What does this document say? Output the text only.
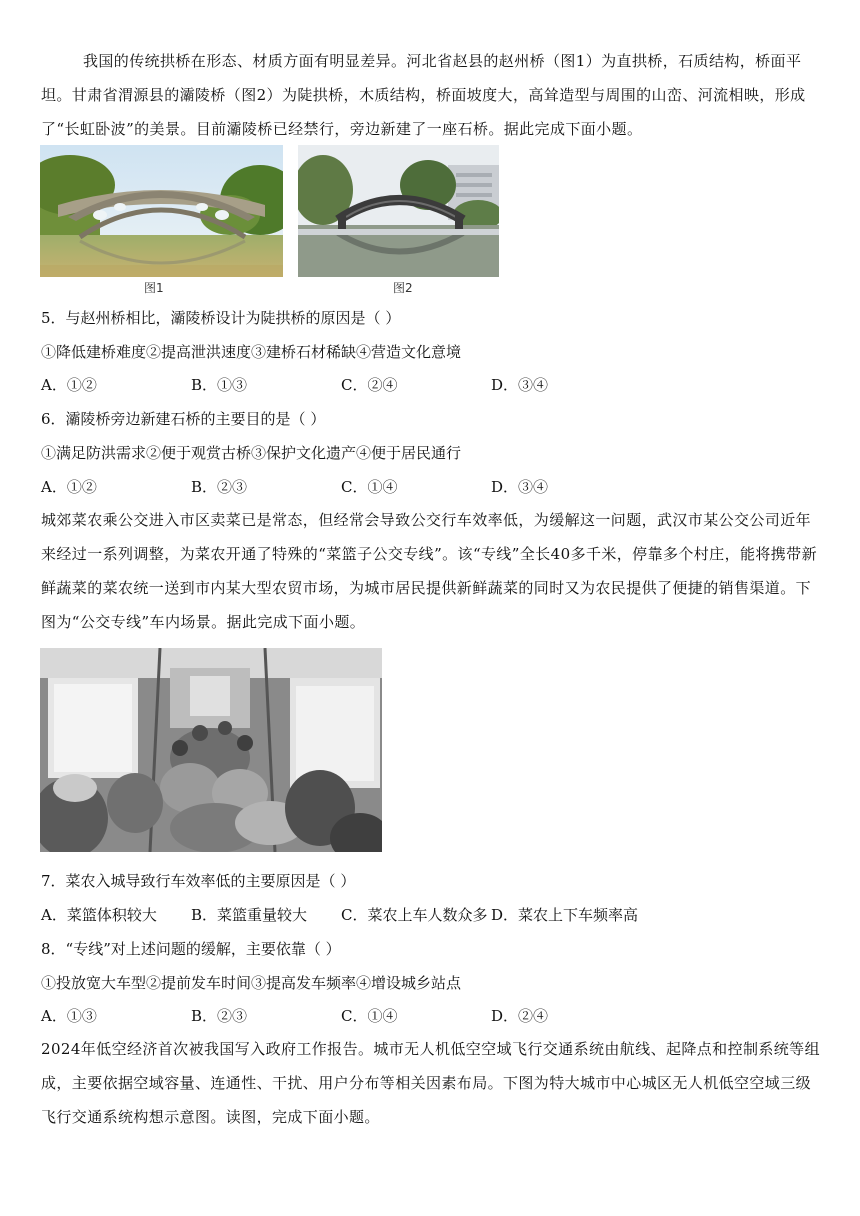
我国的传统拱桥在形态、材质方面有明显差异。河北省赵县的赵州桥（图1）为直拱桥，石质结构，桥面平坦。甘肃省渭源县的灞陵桥（图2）为陡拱桥，木质结构，桥面坡度大，高耸造型与周围的山峦、河流相映，形成了“长虹卧波”的美景。目前灞陵桥已经禁行，旁边新建了一座石桥。据此完成下面小题。

图1	图2
5．与赵州桥相比，灞陵桥设计为陡拱桥的原因是（ ）
①降低建桥难度②提高泄洪速度③建桥石材稀缺④营造文化意境
A．①②	B．①③	C．②④	D．③④
6．灞陵桥旁边新建石桥的主要目的是（ ）
①满足防洪需求②便于观赏古桥③保护文化遗产④便于居民通行
A．①②	B．②③	C．①④	D．③④

城郊菜农乘公交进入市区卖菜已是常态，但经常会导致公交行车效率低，为缓解这一问题，武汉市某公交公司近年来经过一系列调整，为菜农开通了特殊的“菜篮子公交专线”。该“专线”全长40多千米，停靠多个村庄，能将携带新鲜蔬菜的菜农统一送到市内某大型农贸市场，为城市居民提供新鲜蔬菜的同时又为农民提供了便捷的销售渠道。下图为“公交专线”车内场景。据此完成下面小题。

7．菜农入城导致行车效率低的主要原因是（ ）
A．菜篮体积较大 B．菜篮重量较大 C．菜农上车人数众多 D．菜农上下车频率高
8．“专线”对上述问题的缓解，主要依靠（ ）
①投放宽大车型②提前发车时间③提高发车频率④增设城乡站点
A．①③	B．②③	C．①④	D．②④

2024年低空经济首次被我国写入政府工作报告。城市无人机低空空域飞行交通系统由航线、起降点和控制系统等组成，主要依据空域容量、连通性、干扰、用户分布等相关因素布局。下图为特大城市中心城区无人机低空空域三级飞行交通系统构想示意图。读图，完成下面小题。
